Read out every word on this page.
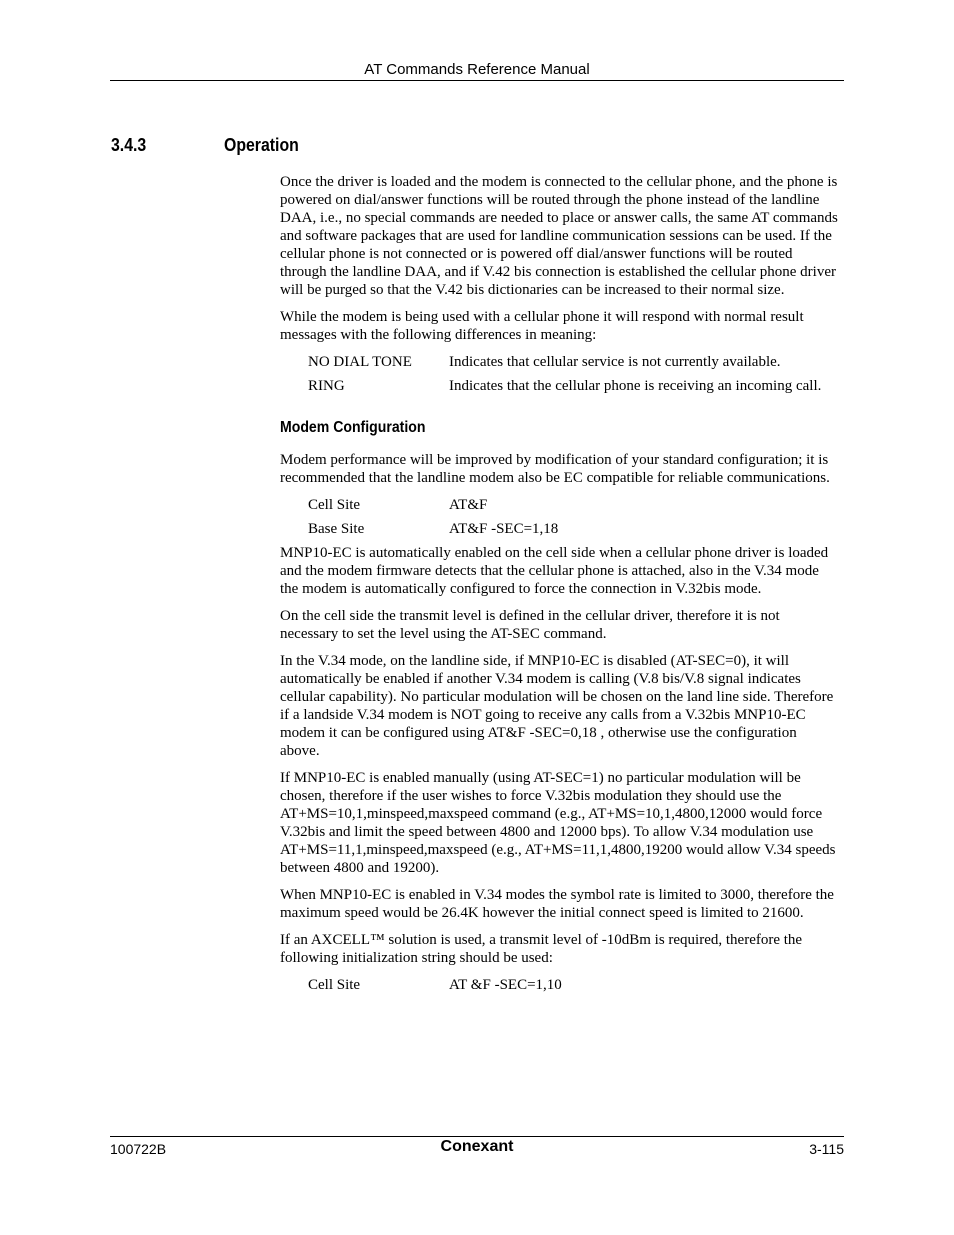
AT Commands Reference Manual
3.4.3	Operation

Once the driver is loaded and the modem is connected to the cellular phone, and the phone is powered on dial/answer functions will be routed through the phone instead of the landline DAA, i.e., no special commands are needed to place or answer calls, the same AT commands and software packages that are used for landline communication sessions can be used. If the cellular phone is not connected or is powered off dial/answer functions will be routed through the landline DAA, and if V.42 bis connection is established the cellular phone driver will be purged so that the V.42 bis dictionaries can be increased to their normal size.

While the modem is being used with a cellular phone it will respond with normal result messages with the following differences in meaning:

NO DIAL TONE	Indicates that cellular service is not currently available.
RING	Indicates that the cellular phone is receiving an incoming call.
Modem Configuration

Modem performance will be improved by modification of your standard configuration; it is recommended that the landline modem also be EC compatible for reliable communications.

Cell Site	AT&F
Base Site	AT&F -SEC=1,18

MNP10-EC is automatically enabled on the cell side when a cellular phone driver is loaded and the modem firmware detects that the cellular phone is attached, also in the V.34 mode the modem is automatically configured to force the connection in V.32bis mode.

On the cell side the transmit level is defined in the cellular driver, therefore it is not necessary to set the level using the AT-SEC command.

In the V.34 mode, on the landline side, if MNP10-EC is disabled (AT-SEC=0), it will automatically be enabled if another V.34 modem is calling (V.8 bis/V.8 signal indicates cellular capability). No particular modulation will be chosen on the land line side. Therefore if a landside V.34 modem is NOT going to receive any calls from a V.32bis MNP10-EC modem it can be configured using AT&F -SEC=0,18 , otherwise use the configuration above.

If MNP10-EC is enabled manually (using AT-SEC=1) no particular modulation will be chosen, therefore if the user wishes to force V.32bis modulation they should use the AT+MS=10,1,minspeed,maxspeed command (e.g., AT+MS=10,1,4800,12000 would force V.32bis and limit the speed between 4800 and 12000 bps). To allow V.34 modulation use AT+MS=11,1,minspeed,maxspeed (e.g., AT+MS=11,1,4800,19200 would allow V.34 speeds between 4800 and 19200).

When MNP10-EC is enabled in V.34 modes the symbol rate is limited to 3000, therefore the maximum speed would be 26.4K however the initial connect speed is limited to 21600.

If an AXCELL™ solution is used, a transmit level of -10dBm is required, therefore the following initialization string should be used:

Cell Site	AT &F -SEC=1,10
100722B	Conexant	3-115
